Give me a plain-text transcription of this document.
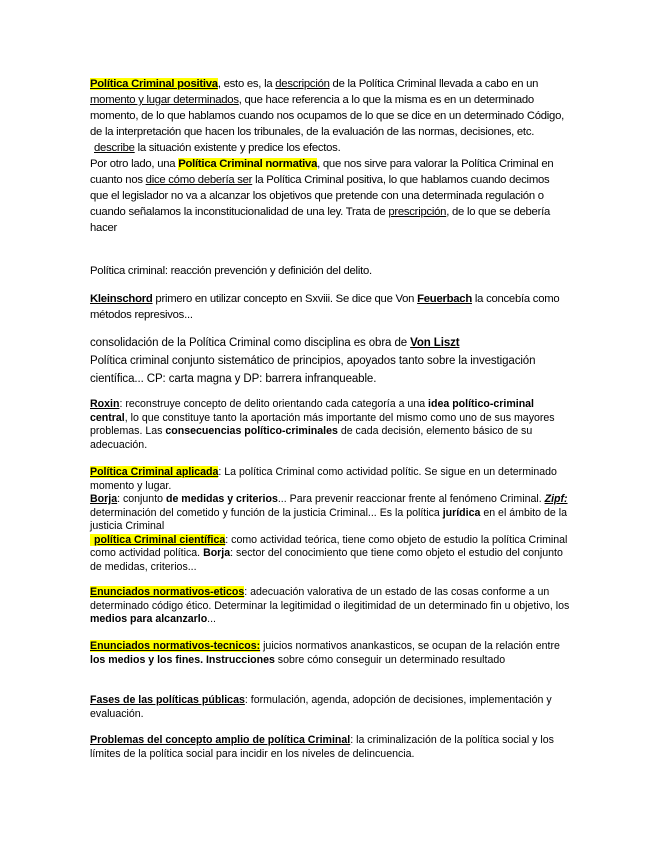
Política Criminal positiva, esto es, la descripción de la Política Criminal llevada a cabo en un momento y lugar determinados, que hace referencia a lo que la misma es en un determinado momento, de lo que hablamos cuando nos ocupamos de lo que se dice en un determinado Código, de la interpretación que hacen los tribunales, de la evaluación de las normas, decisiones, etc.
describe la situación existente y predice los efectos.
Por otro lado, una Política Criminal normativa, que nos sirve para valorar la Política Criminal en cuanto nos dice cómo debería ser la Política Criminal positiva, lo que hablamos cuando decimos que el legislador no va a alcanzar los objetivos que pretende con una determinada regulación o cuando señalamos la inconstitucionalidad de una ley. Trata de prescripción, de lo que se debería hacer
Política criminal: reacción prevención y definición del delito.
Kleinschord primero en utilizar concepto en Sxviii. Se dice que Von Feuerbach la concebía como métodos represivos...
consolidación de la Política Criminal como disciplina es obra de Von Liszt
Política criminal conjunto sistemático de principios, apoyados tanto sobre la investigación científica... CP: carta magna y DP: barrera infranqueable.
Roxin: reconstruye concepto de delito orientando cada categoría a una idea político-criminal central, lo que constituye tanto la aportación más importante del mismo como uno de sus mayores problemas. Las consecuencias político-criminales de cada decisión, elemento básico de su adecuación.
Política Criminal aplicada: La política Criminal como actividad polític. Se sigue en un determinado momento y lugar.
Borja: conjunto de medidas y criterios... Para prevenir reaccionar frente al fenómeno Criminal. Zipf: determinación del cometido y función de la justicia Criminal... Es la política jurídica en el ámbito de la justicia Criminal
política Criminal científica: como actividad teórica, tiene como objeto de estudio la política Criminal como actividad política. Borja: sector del conocimiento que tiene como objeto el estudio del conjunto de medidas, criterios...
Enunciados normativos-eticos: adecuación valorativa de un estado de las cosas conforme a un determinado código ético. Determinar la legitimidad o ilegitimidad de un determinado fin u objetivo, los medios para alcanzarlo...
Enunciados normativos-tecnicos: juicios normativos anankasticos, se ocupan de la relación entre los medios y los fines. Instrucciones sobre cómo conseguir un determinado resultado
Fases de las políticas públicas: formulación, agenda, adopción de decisiones, implementación y evaluación.
Problemas del concepto amplio de política Criminal: la criminalización de la política social y los límites de la política social para incidir en los niveles de delincuencia.
